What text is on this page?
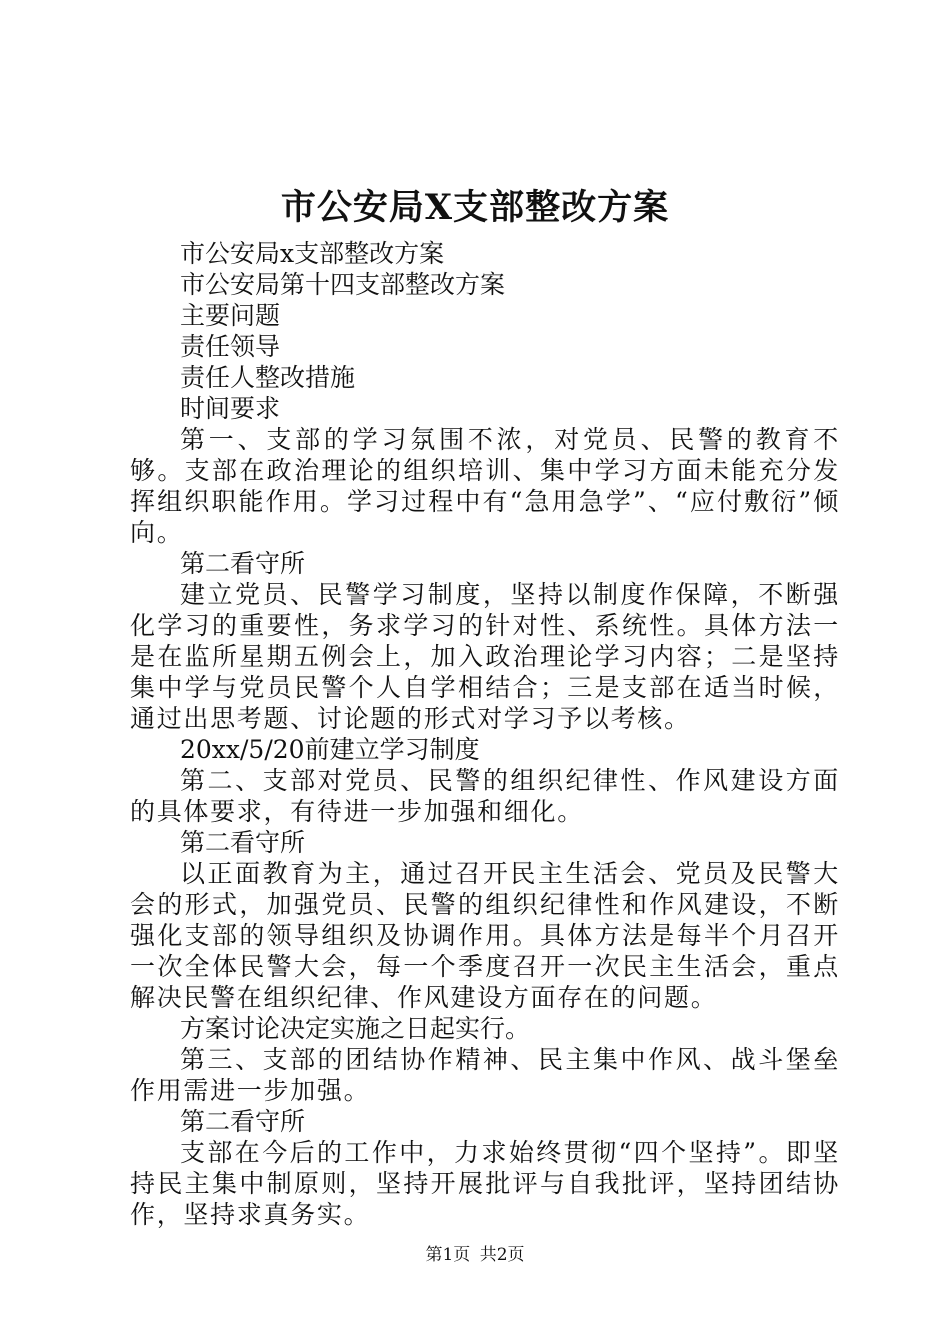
市公安局X支部整改方案

市公安局x支部整改方案

市公安局第十四支部整改方案

主要问题

责任领导

责任人整改措施

时间要求

第一、支部的学习氛围不浓，对党员、民警的教育不够。支部在政治理论的组织培训、集中学习方面未能充分发挥组织职能作用。学习过程中有“急用急学”、“应付敷衍”倾向。

第二看守所

建立党员、民警学习制度，坚持以制度作保障，不断强化学习的重要性，务求学习的针对性、系统性。具体方法一是在监所星期五例会上，加入政治理论学习内容；二是坚持集中学与党员民警个人自学相结合；三是支部在适当时候，通过出思考题、讨论题的形式对学习予以考核。

20xx/5/20前建立学习制度

第二、支部对党员、民警的组织纪律性、作风建设方面的具体要求，有待进一步加强和细化。

第二看守所

以正面教育为主，通过召开民主生活会、党员及民警大会的形式，加强党员、民警的组织纪律性和作风建设，不断强化支部的领导组织及协调作用。具体方法是每半个月召开一次全体民警大会，每一个季度召开一次民主生活会，重点解决民警在组织纪律、作风建设方面存在的问题。

方案讨论决定实施之日起实行。

第三、支部的团结协作精神、民主集中作风、战斗堡垒作用需进一步加强。

第二看守所

支部在今后的工作中，力求始终贯彻“四个坚持”。即坚持民主集中制原则，坚持开展批评与自我批评，坚持团结协作，坚持求真务实。

第1页 共2页
